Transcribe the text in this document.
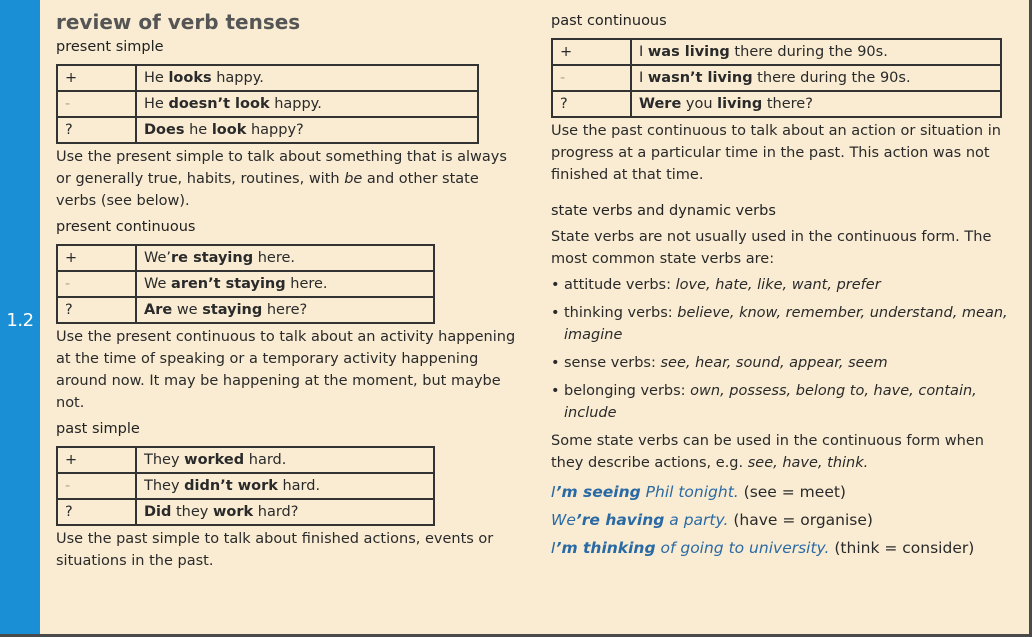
1.2
review of verb tenses
present simple
+	He looks happy.
-	He doesn’t look happy.
?	Does he look happy?

Use the present simple to talk about something that is always or generally true, habits, routines, with be and other state verbs (see below).

present continuous
+	We’re staying here.
-	We aren’t staying here.
?	Are we staying here?

Use the present continuous to talk about an activity happening at the time of speaking or a temporary activity happening around now. It may be happening at the moment, but maybe not.

past simple
+	They worked hard.
-	They didn’t work hard.
?	Did they work hard?

Use the past simple to talk about finished actions, events or situations in the past.

past continuous
+	I was living there during the 90s.
-	I wasn’t living there during the 90s.
?	Were you living there?

Use the past continuous to talk about an action or situation in progress at a particular time in the past. This action was not finished at that time.

state verbs and dynamic verbs

State verbs are not usually used in the continuous form. The most common state verbs are:

• attitude verbs: love, hate, like, want, prefer
• thinking verbs: believe, know, remember, understand, mean, imagine
• sense verbs: see, hear, sound, appear, seem
• belonging verbs: own, possess, belong to, have, contain, include

Some state verbs can be used in the continuous form when they describe actions, e.g. see, have, think.

I’m seeing Phil tonight. (see = meet)
We’re having a party. (have = organise)
I’m thinking of going to university. (think = consider)
